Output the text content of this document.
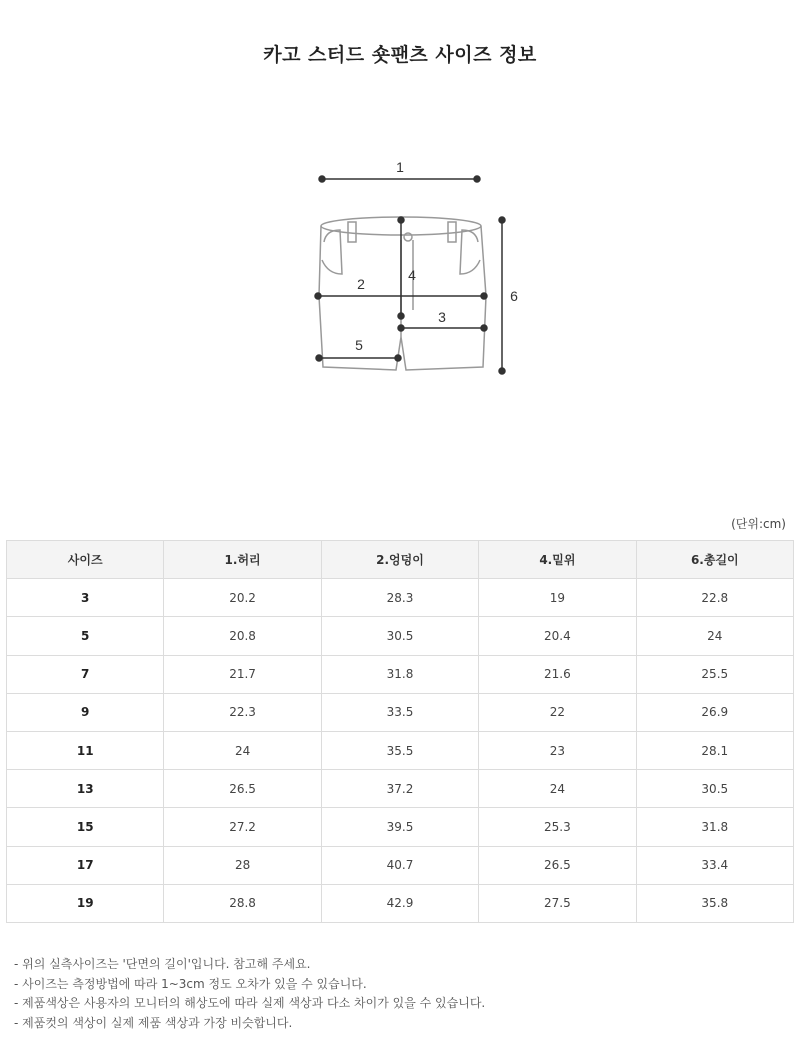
카고 스터드 숏팬츠 사이즈 정보
1
2
3
4
5
6
(단위:cm)
사이즈	1.허리	2.엉덩이	4.밑위	6.총길이
3	20.2	28.3	19	22.8
5	20.8	30.5	20.4	24
7	21.7	31.8	21.6	25.5
9	22.3	33.5	22	26.9
11	24	35.5	23	28.1
13	26.5	37.2	24	30.5
15	27.2	39.5	25.3	31.8
17	28	40.7	26.5	33.4
19	28.8	42.9	27.5	35.8
- 위의 실측사이즈는 '단면의 길이'입니다. 참고해 주세요.
- 사이즈는 측정방법에 따라 1~3cm 정도 오차가 있을 수 있습니다.
- 제품색상은 사용자의 모니터의 해상도에 따라 실제 색상과 다소 차이가 있을 수 있습니다.
- 제품컷의 색상이 실제 제품 색상과 가장 비슷합니다.
